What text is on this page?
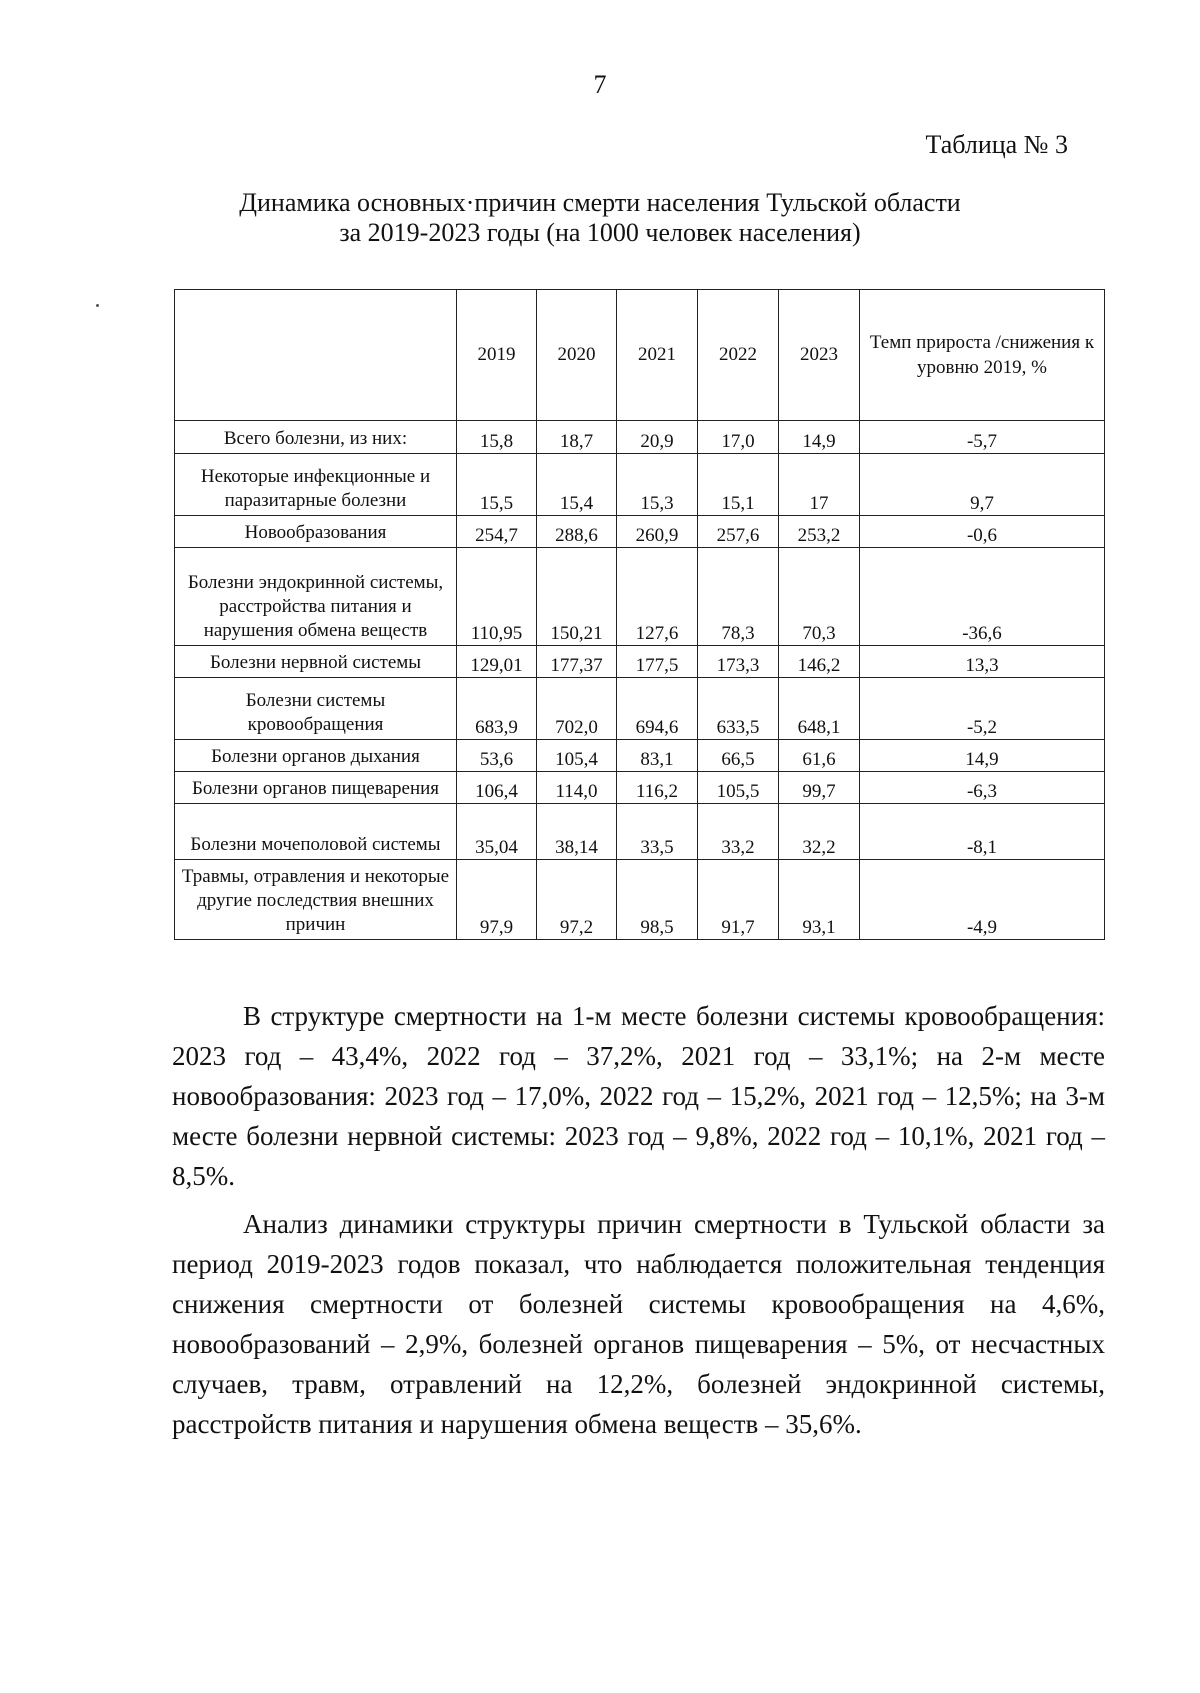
7
Таблица № 3
Динамика основных·причин смерти населения Тульской области
за 2019-2023 годы (на 1000 человек населения)
	2019	2020	2021	2022	2023	Темп прироста /снижения к уровню 2019, %
Всего болезни, из них:	15,8	18,7	20,9	17,0	14,9	-5,7
Некоторые инфекционные и паразитарные болезни	15,5	15,4	15,3	15,1	17	9,7
Новообразования	254,7	288,6	260,9	257,6	253,2	-0,6
Болезни эндокринной системы, расстройства питания и нарушения обмена веществ	110,95	150,21	127,6	78,3	70,3	-36,6
Болезни нервной системы	129,01	177,37	177,5	173,3	146,2	13,3
Болезни системы кровообращения	683,9	702,0	694,6	633,5	648,1	-5,2
Болезни органов дыхания	53,6	105,4	83,1	66,5	61,6	14,9
Болезни органов пищеварения	106,4	114,0	116,2	105,5	99,7	-6,3
Болезни мочеполовой системы	35,04	38,14	33,5	33,2	32,2	-8,1
Травмы, отравления и некоторые другие последствия внешних причин	97,9	97,2	98,5	91,7	93,1	-4,9

В структуре смертности на 1-м месте болезни системы кровообращения: 2023 год – 43,4%, 2022 год – 37,2%, 2021 год – 33,1%; на 2-м месте новообразования: 2023 год – 17,0%, 2022 год – 15,2%, 2021 год – 12,5%; на 3-м месте болезни нервной системы: 2023 год – 9,8%, 2022 год – 10,1%, 2021 год – 8,5%.

Анализ динамики структуры причин смертности в Тульской области за период 2019-2023 годов показал, что наблюдается положительная тенденция снижения смертности от болезней системы кровообращения на 4,6%, новообразований – 2,9%, болезней органов пищеварения – 5%, от несчастных случаев, травм, отравлений на 12,2%, болезней эндокринной системы, расстройств питания и нарушения обмена веществ – 35,6%.
